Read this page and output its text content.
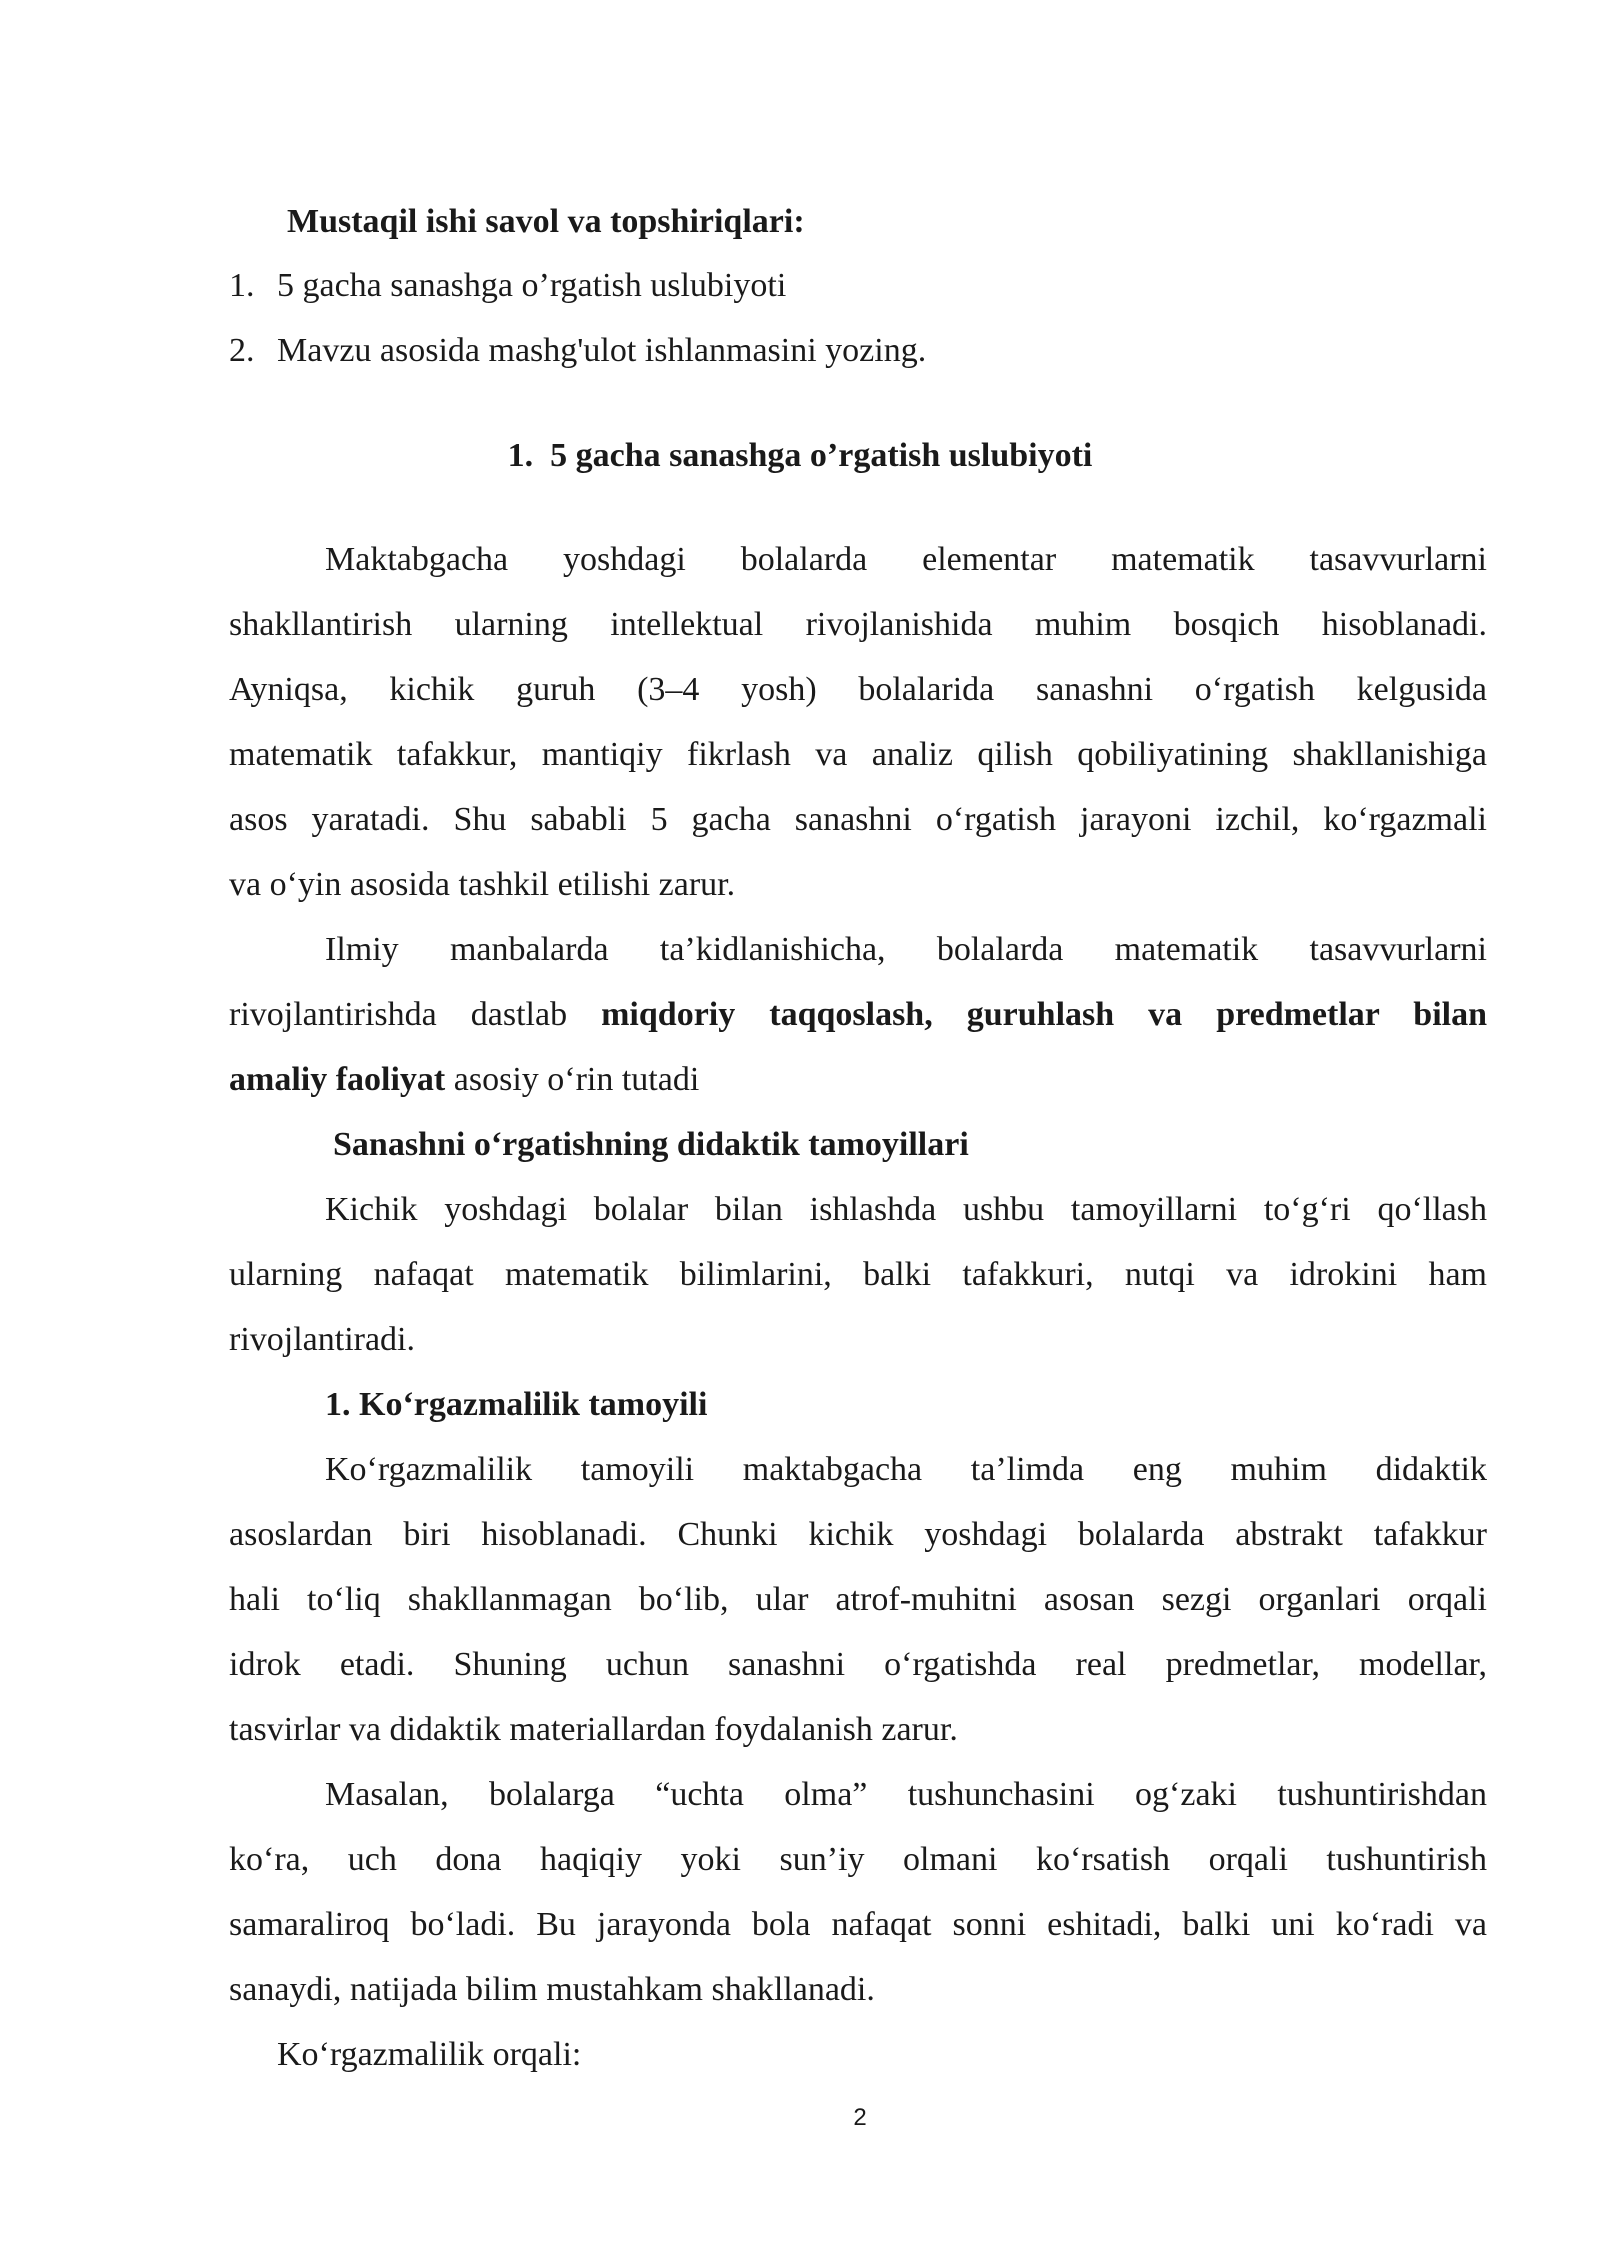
Mustaqil ishi savol va topshiriqlari:
1. 5 gacha sanashga o’rgatish uslubiyoti
2. Mavzu asosida mashg'ulot ishlanmasini yozing.
1.  5 gacha sanashga o’rgatish uslubiyoti
Maktabgacha yoshdagi bolalarda elementar matematik tasavvurlarni
shakllantirish ularning intellektual rivojlanishida muhim bosqich hisoblanadi.
Ayniqsa, kichik guruh (3–4 yosh) bolalarida sanashni o‘rgatish kelgusida
matematik tafakkur, mantiqiy fikrlash va analiz qilish qobiliyatining shakllanishiga
asos yaratadi. Shu sababli 5 gacha sanashni o‘rgatish jarayoni izchil, ko‘rgazmali
va o‘yin asosida tashkil etilishi zarur.
Ilmiy manbalarda ta’kidlanishicha, bolalarda matematik tasavvurlarni
rivojlantirishda dastlab miqdoriy taqqoslash, guruhlash va predmetlar bilan
amaliy faoliyat asosiy o‘rin tutadi
Sanashni o‘rgatishning didaktik tamoyillari
Kichik yoshdagi bolalar bilan ishlashda ushbu tamoyillarni to‘g‘ri qo‘llash
ularning nafaqat matematik bilimlarini, balki tafakkuri, nutqi va idrokini ham
rivojlantiradi.
1. Ko‘rgazmalilik tamoyili
Ko‘rgazmalilik tamoyili maktabgacha ta’limda eng muhim didaktik
asoslardan biri hisoblanadi. Chunki kichik yoshdagi bolalarda abstrakt tafakkur
hali to‘liq shakllanmagan bo‘lib, ular atrof-muhitni asosan sezgi organlari orqali
idrok etadi. Shuning uchun sanashni o‘rgatishda real predmetlar, modellar,
tasvirlar va didaktik materiallardan foydalanish zarur.
Masalan, bolalarga “uchta olma” tushunchasini og‘zaki tushuntirishdan
ko‘ra, uch dona haqiqiy yoki sun’iy olmani ko‘rsatish orqali tushuntirish
samaraliroq bo‘ladi. Bu jarayonda bola nafaqat sonni eshitadi, balki uni ko‘radi va
sanaydi, natijada bilim mustahkam shakllanadi.
Ko‘rgazmalilik orqali:
2
